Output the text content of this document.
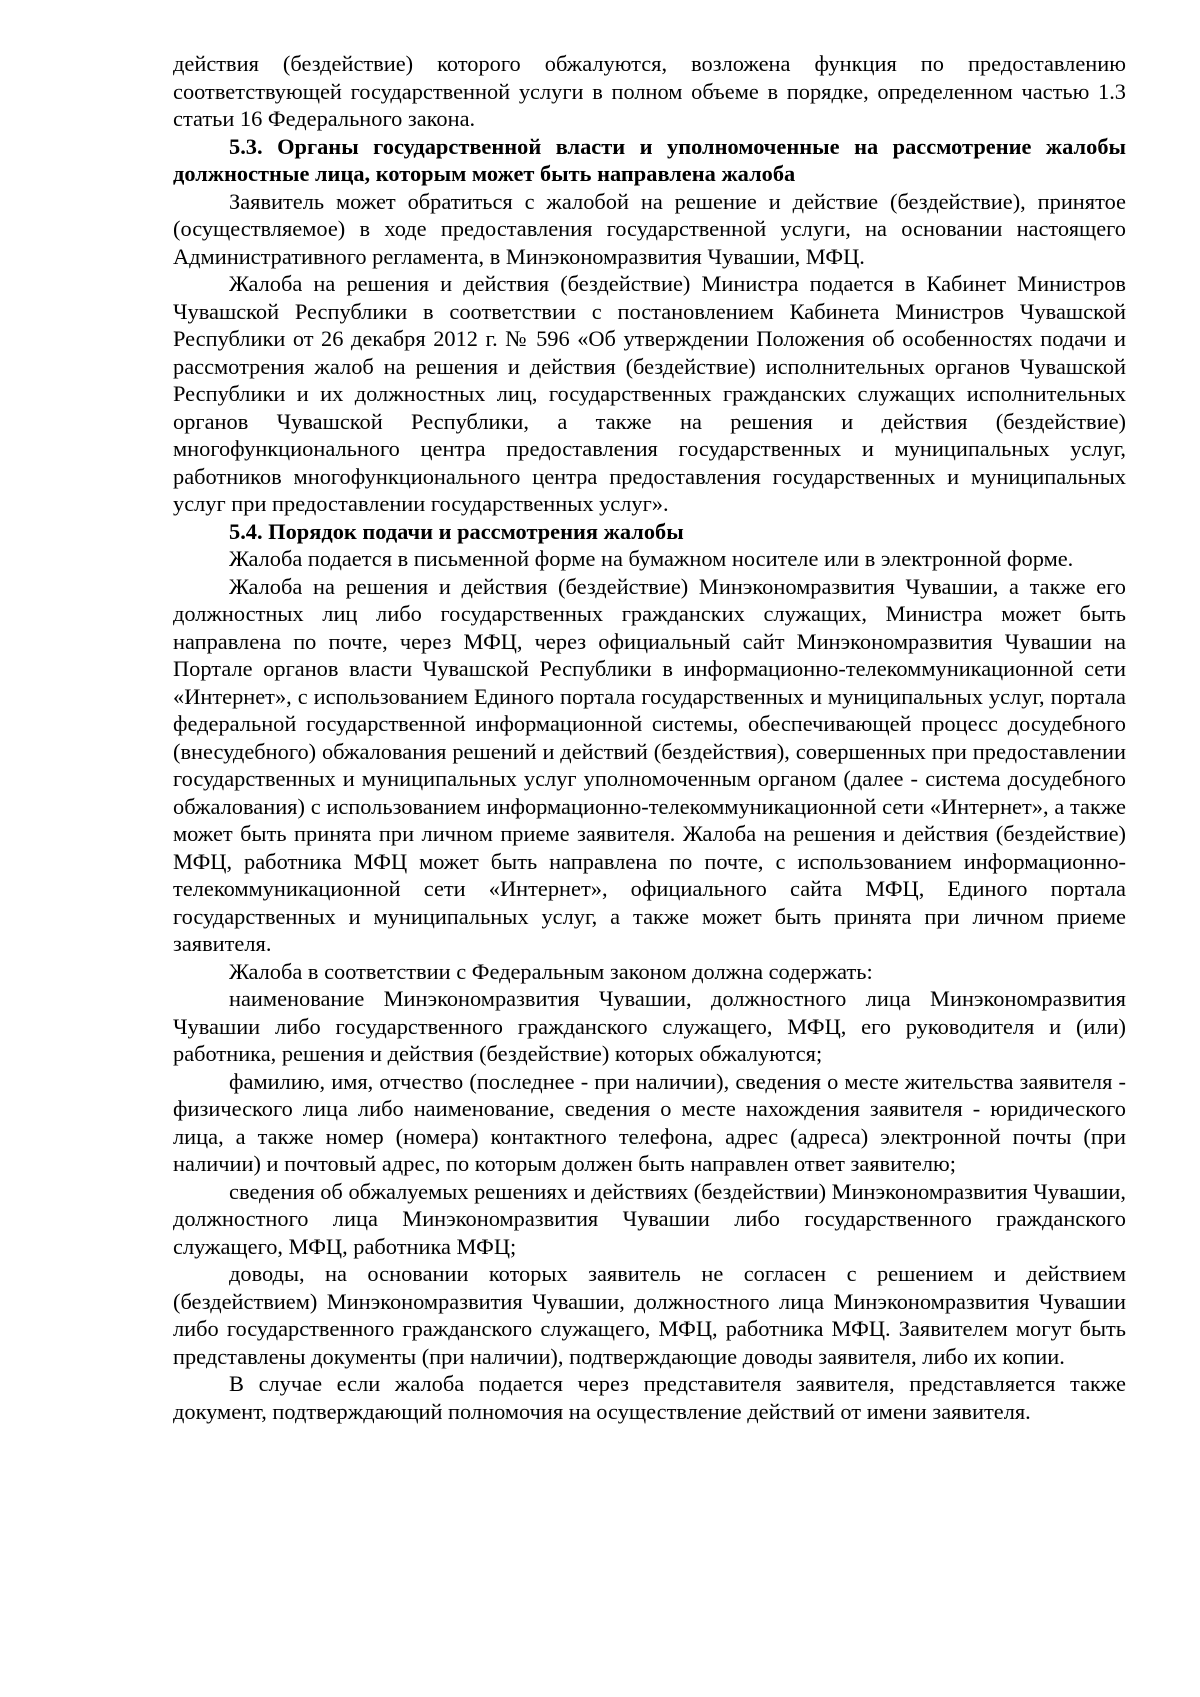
действия (бездействие) которого обжалуются, возложена функция по предоставлению соответствующей государственной услуги в полном объеме в порядке, определенном частью 1.3 статьи 16 Федерального закона.

5.3. Органы государственной власти и уполномоченные на рассмотрение жалобы должностные лица, которым может быть направлена жалоба

Заявитель может обратиться с жалобой на решение и действие (бездействие), принятое (осуществляемое) в ходе предоставления государственной услуги, на основании настоящего Административного регламента, в Минэкономразвития Чувашии, МФЦ.

Жалоба на решения и действия (бездействие) Министра подается в Кабинет Министров Чувашской Республики в соответствии с постановлением Кабинета Министров Чувашской Республики от 26 декабря 2012 г. № 596 «Об утверждении Положения об особенностях подачи и рассмотрения жалоб на решения и действия (бездействие) исполнительных органов Чувашской Республики и их должностных лиц, государственных гражданских служащих исполнительных органов Чувашской Республики, а также на решения и действия (бездействие) многофункционального центра предоставления государственных и муниципальных услуг, работников многофункционального центра предоставления государственных и муниципальных услуг при предоставлении государственных услуг».

5.4. Порядок подачи и рассмотрения жалобы

Жалоба подается в письменной форме на бумажном носителе или в электронной форме.

Жалоба на решения и действия (бездействие) Минэкономразвития Чувашии, а также его должностных лиц либо государственных гражданских служащих, Министра может быть направлена по почте, через МФЦ, через официальный сайт Минэкономразвития Чувашии на Портале органов власти Чувашской Республики в информационно-телекоммуникационной сети «Интернет», с использованием Единого портала государственных и муниципальных услуг, портала федеральной государственной информационной системы, обеспечивающей процесс досудебного (внесудебного) обжалования решений и действий (бездействия), совершенных при предоставлении государственных и муниципальных услуг уполномоченным органом (далее - система досудебного обжалования) с использованием информационно-телекоммуникационной сети «Интернет», а также может быть принята при личном приеме заявителя. Жалоба на решения и действия (бездействие) МФЦ, работника МФЦ может быть направлена по почте, с использованием информационно-телекоммуникационной сети «Интернет», официального сайта МФЦ, Единого портала государственных и муниципальных услуг, а также может быть принята при личном приеме заявителя.

Жалоба в соответствии с Федеральным законом должна содержать:

наименование Минэкономразвития Чувашии, должностного лица Минэкономразвития Чувашии либо государственного гражданского служащего, МФЦ, его руководителя и (или) работника, решения и действия (бездействие) которых обжалуются;

фамилию, имя, отчество (последнее - при наличии), сведения о месте жительства заявителя - физического лица либо наименование, сведения о месте нахождения заявителя - юридического лица, а также номер (номера) контактного телефона, адрес (адреса) электронной почты (при наличии) и почтовый адрес, по которым должен быть направлен ответ заявителю;

сведения об обжалуемых решениях и действиях (бездействии) Минэкономразвития Чувашии, должностного лица Минэкономразвития Чувашии либо государственного гражданского служащего, МФЦ, работника МФЦ;

доводы, на основании которых заявитель не согласен с решением и действием (бездействием) Минэкономразвития Чувашии, должностного лица Минэкономразвития Чувашии либо государственного гражданского служащего, МФЦ, работника МФЦ. Заявителем могут быть представлены документы (при наличии), подтверждающие доводы заявителя, либо их копии.

В случае если жалоба подается через представителя заявителя, представляется также документ, подтверждающий полномочия на осуществление действий от имени заявителя.
